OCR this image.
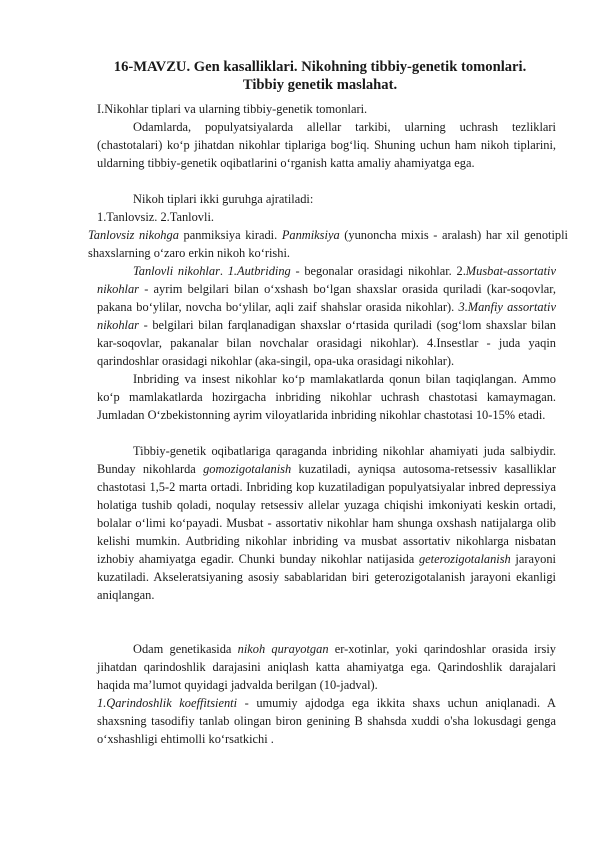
16-MAVZU. Gen kasalliklari. Nikohning tibbiy-genetik tomonlari.
Tibbiy genetik maslahat.
I.Nikohlar tiplari va ularning tibbiy-genetik tomonlari.
Odamlarda, populyatsiyalarda allellar tarkibi, ularning uchrash tezliklari (chastotalari) ko‘p jihatdan nikohlar tiplariga bog‘liq. Shuning uchun ham nikoh tiplarini, uldarning tibbiy-genetik oqibatlarini o‘rganish katta amaliy ahamiyatga ega.
Nikoh tiplari ikki guruhga ajratiladi:
1.Tanlovsiz. 2.Tanlovli.
Tanlovsiz nikohga panmiksiya kiradi. Panmiksiya (yunoncha mixis - aralash) har xil genotipli shaxslarning o‘zaro erkin nikoh ko‘rishi.
Tanlovli nikohlar. 1.Autbriding - begonalar orasidagi nikohlar. 2.Musbat-assortativ nikohlar - ayrim belgilari bilan o‘xshash bo‘lgan shaxslar orasida quriladi (kar-soqovlar, pakana bo‘ylilar, novcha bo‘ylilar, aqli zaif shahslar orasida nikohlar). 3.Manfiy assortativ nikohlar - belgilari bilan farqlanadigan shaxslar o‘rtasida quriladi (sog‘lom shaxslar bilan kar-soqovlar, pakanalar bilan novchalar orasidagi nikohlar). 4.Insestlar - juda yaqin qarindoshlar orasidagi nikohlar (aka-singil, opa-uka orasidagi nikohlar).
Inbriding va insest nikohlar ko‘p mamlakatlarda qonun bilan taqiqlangan. Ammo ko‘p mamlakatlarda hozirgacha inbriding nikohlar uchrash chastotasi kamaymagan. Jumladan O‘zbekistonning ayrim viloyatlarida inbriding nikohlar chastotasi 10-15% etadi.
Tibbiy-genetik oqibatlariga qaraganda inbriding nikohlar ahamiyati juda salbiydir. Bunday nikohlarda gomozigotalanish kuzatiladi, ayniqsa autosoma-retsessiv kasalliklar chastotasi 1,5-2 marta ortadi. Inbriding kop kuzatiladigan populyatsiyalar inbred depressiya holatiga tushib qoladi, noqulay retsessiv allelar yuzaga chiqishi imkoniyati keskin ortadi, bolalar o‘limi ko‘payadi. Musbat - assortativ nikohlar ham shunga oxshash natijalarga olib kelishi mumkin. Autbriding nikohlar inbriding va musbat assortativ nikohlarga nisbatan izhobiy ahamiyatga egadir. Chunki bunday nikohlar natijasida geterozigotalanish jarayoni kuzatiladi. Akseleratsiyaning asosiy sabablaridan biri geterozigotalanish jarayoni ekanligi aniqlangan.
Odam genetikasida nikoh qurayotgan er-xotinlar, yoki qarindoshlar orasida irsiy jihatdan qarindoshlik darajasini aniqlash katta ahamiyatga ega. Qarindoshlik darajalari haqida ma’lumot quyidagi jadvalda berilgan (10-jadval).
1.Qarindoshlik koeffitsienti - umumiy ajdodga ega ikkita shaxs uchun aniqlanadi. A shaxsning tasodifiy tanlab olingan biron genining B shahsda xuddi o'sha lokusdagi genga o‘xshashligi ehtimolli ko‘rsatkichi .
